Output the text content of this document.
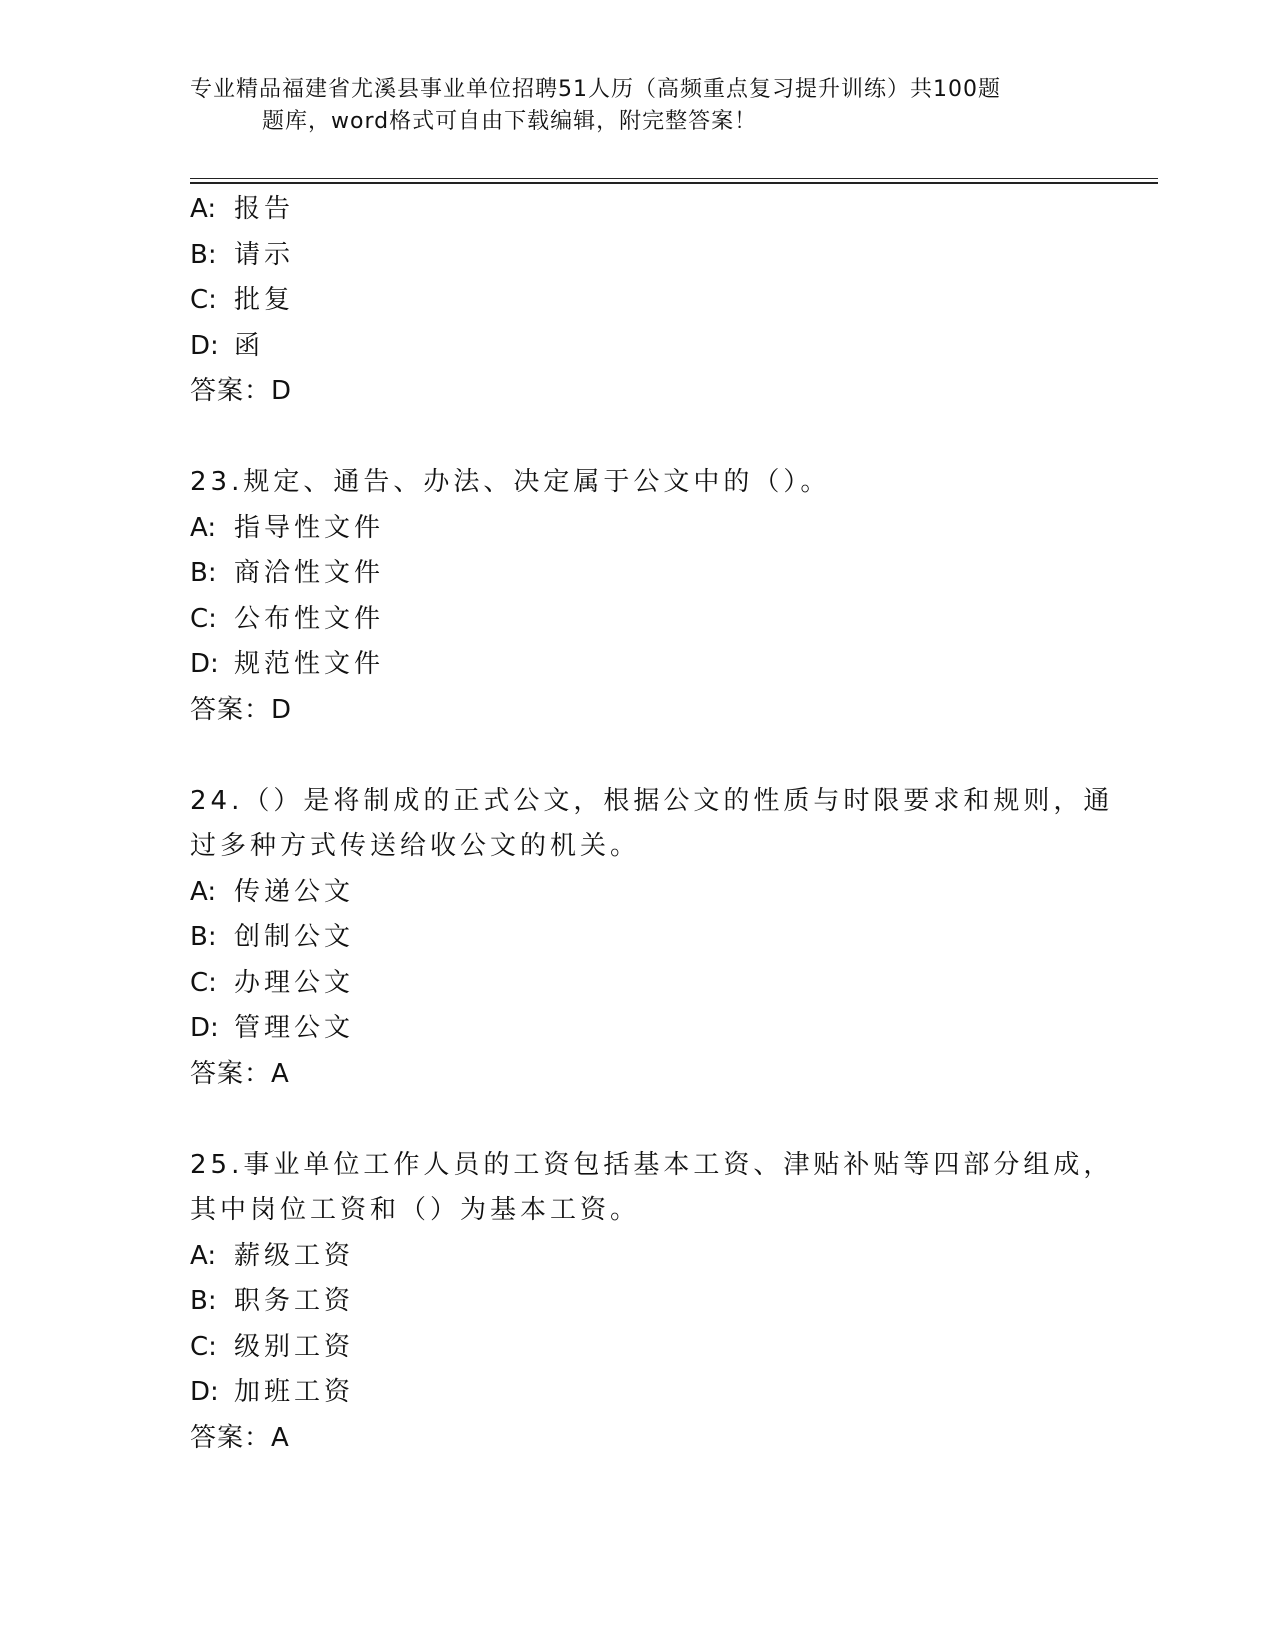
专业精品福建省尤溪县事业单位招聘51人历（高频重点复习提升训练）共100题
题库，word格式可自由下载编辑，附完整答案！
A: 报告
B: 请示
C: 批复
D: 函
答案：D
23.规定、通告、办法、决定属于公文中的（）。
A: 指导性文件
B: 商洽性文件
C: 公布性文件
D: 规范性文件
答案：D
24.（）是将制成的正式公文，根据公文的性质与时限要求和规则，通
过多种方式传送给收公文的机关。
A: 传递公文
B: 创制公文
C: 办理公文
D: 管理公文
答案：A
25.事业单位工作人员的工资包括基本工资、津贴补贴等四部分组成，
其中岗位工资和（）为基本工资。
A: 薪级工资
B: 职务工资
C: 级别工资
D: 加班工资
答案：A
